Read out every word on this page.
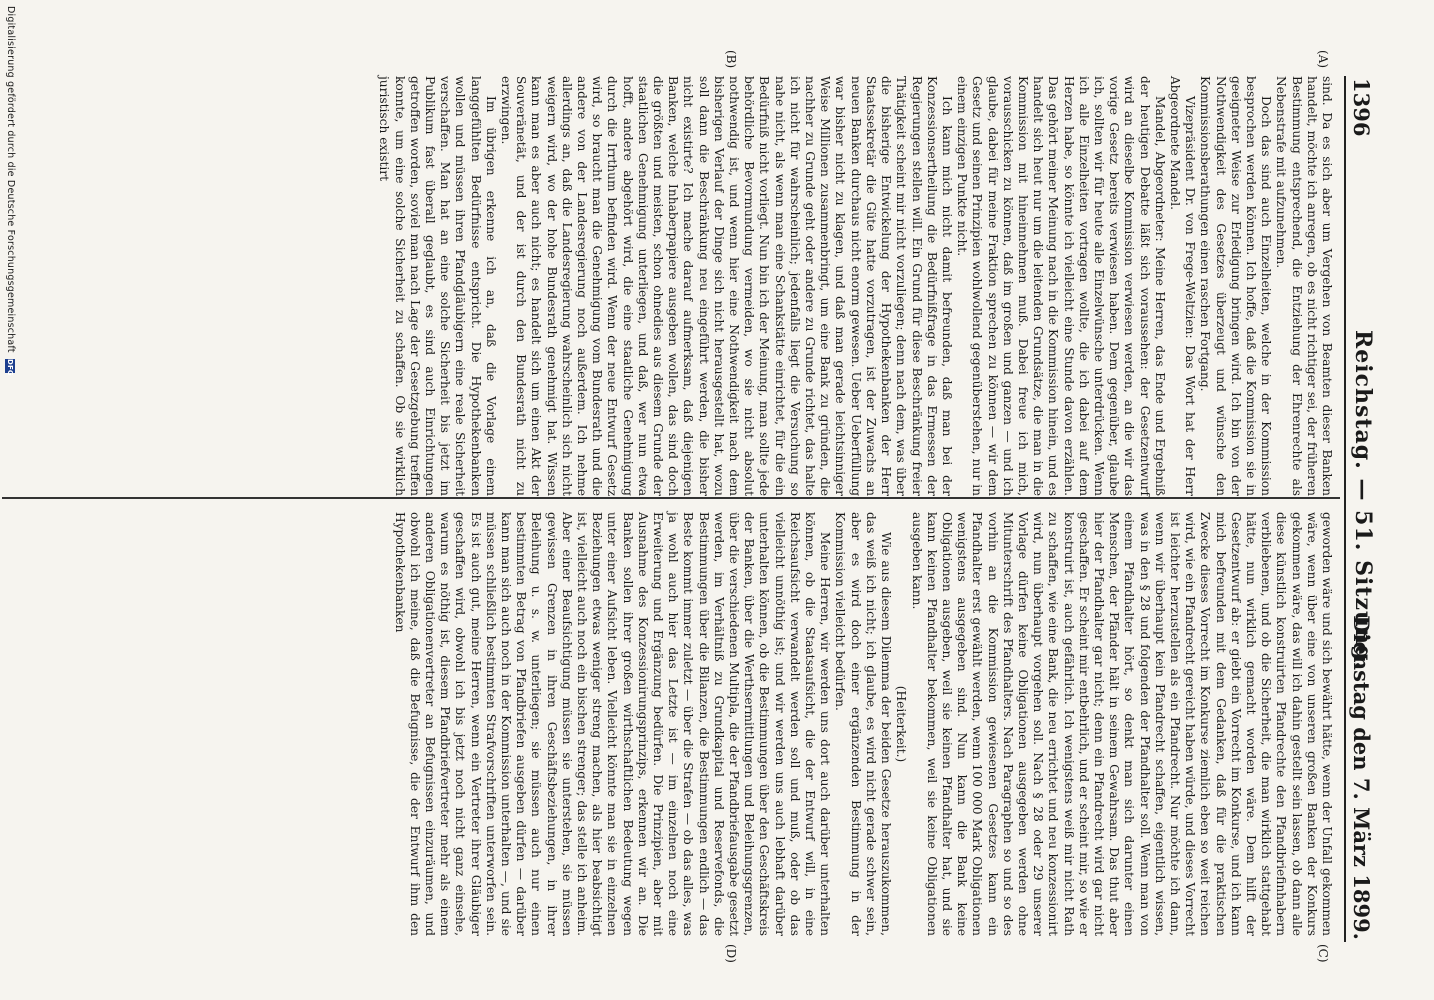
1396
Reichstag. — 51. Sitzung.
Dienstag den 7. März 1899.
(A)
(B)
(C)
(D)

sind. Da es sich aber um Vergehen von Beamten dieser Banken handelt, möchte ich anregen, ob es nicht richtiger sei, der früheren Bestimmung entsprechend, die Entziehung der Ehrenrechte als Nebenstrafe mit aufzunehmen.

Doch das sind auch Einzelheiten, welche in der Kommission besprochen werden können. Ich hoffe, daß die Kommission sie in geeigneter Weise zur Erledigung bringen wird. Ich bin von der Nothwendigkeit des Gesetzes überzeugt und wünsche den Kommissionsberathungen einen raschen Fortgang.

Vizepräsident Dr. von Frege-Weltzien: Das Wort hat der Herr Abgeordnete Mandel.

Mandel, Abgeordneter: Meine Herren, das Ende und Ergebniß der heutigen Debatte läßt sich voraussehen: der Gesetzentwurf wird an dieselbe Kommission verwiesen werden, an die wir das vorige Gesetz bereits verwiesen haben. Dem gegenüber, glaube ich, sollten wir für heute alle Einzelwünsche unterdrücken. Wenn ich alle Einzelheiten vortragen wollte, die ich dabei auf dem Herzen habe, so könnte ich vielleicht eine Stunde davon erzählen. Das gehört meiner Meinung nach in die Kommission hinein, und es handelt sich heut nur um die leitenden Grundsätze, die man in die Kommission mit hineinnehmen muß. Dabei freue ich mich, vorausschicken zu können, daß im großen und ganzen — und ich glaube, dabei für meine Fraktion sprechen zu können — wir dem Gesetz und seinen Prinzipien wohlwollend gegenüberstehen, nur in einem einzigen Punkte nicht.

Ich kann mich nicht damit befreunden, daß man bei der Konzessionsertheilung die Bedürfnißfrage in das Ermessen der Regierungen stellen will. Ein Grund für diese Beschränkung freier Thätigkeit scheint mir nicht vorzuliegen; denn nach dem, was über die bisherige Entwickelung der Hypothekenbanken der Herr Staatssekretär die Güte hatte vorzutragen, ist der Zuwachs an neuen Banken durchaus nicht enorm gewesen. Ueber Ueberfüllung war bisher nicht zu klagen, und daß man gerade leichtsinniger Weise Millionen zusammenbringt, um eine Bank zu gründen, die nachher zu Grunde geht oder andere zu Grunde richtet, das halte ich nicht für wahrscheinlich; jedenfalls liegt die Versuchung so nahe nicht, als wenn man eine Schankstätte einrichtet, für die ein Bedürfniß nicht vorliegt. Nun bin ich der Meinung, man sollte jede behördliche Bevormundung vermeiden, wo sie nicht absolut nothwendig ist, und wenn hier eine Nothwendigkeit nach dem bisherigen Verlauf der Dinge sich nicht herausgestellt hat, wozu soll dann die Beschränkung neu eingeführt werden, die bisher nicht existirte? Ich mache darauf aufmerksam, daß diejenigen Banken, welche Inhaberpapiere ausgeben wollen, das sind doch die größten und meisten, schon ohnedies aus diesem Grunde der staatlichen Genehmigung unterliegen, und daß, wer nun etwa hofft, andere abgehört wird, die eine staatliche Genehmigung durch die Irrthum befinden wird. Wenn der neue Entwurf Gesetz wird, so braucht man die Genehmigung vom Bundesrath und die andere von der Landesregierung noch außerdem. Ich nehme allerdings an, daß die Landesregierung wahrscheinlich sich nicht weigern wird, wo der hohe Bundesrath genehmigt hat. Wissen kann man es aber auch nicht; es handelt sich um einen Akt der Souveränetät, und der ist durch den Bundesrath nicht zu erzwingen.

Im übrigen erkenne ich an, daß die Vorlage einem langgefühlten Bedürfnisse entspricht. Die Hypothekenbanken wollen und müssen ihren Pfandgläubigern eine reale Sicherheit verschaffen. Man hat an eine solche Sicherheit bis jetzt im Publikum fast überall geglaubt, es sind auch Einrichtungen getroffen worden, soviel man nach Lage der Gesetzgebung treffen konnte, um eine solche Sicherheit zu schaffen. Ob sie wirklich juristisch existirt

geworden wäre und sich bewährt hätte, wenn der Unfall gekommen wäre, wenn über eine von unseren großen Banken der Konkurs gekommen wäre, das will ich dahin gestellt sein lassen, ob dann alle diese künstlich konstruirten Pfandrechte den Pfandbriefinhabern verbliebenen, und ob die Sicherheit, die man wirklich stattgehabt hätte, nun wirklich gemacht worden wäre. Dem hilft der Gesetzentwurf ab: er giebt ein Vorrecht im Konkurse, und ich kann mich befreunden mit dem Gedanken, daß für die praktischen Zwecke dieses Vorrecht im Konkurse ziemlich eben so weit reichen wird, wie ein Pfandrecht gereicht haben würde, und dieses Vorrecht ist leichter herzustellen als ein Pfandrecht. Nur möchte ich dann, wenn wir überhaupt kein Pfandrecht schaffen, eigentlich wissen, was in den § 28 und folgenden der Pfandhalter soll. Wenn man von einem Pfandhalter hört, so denkt man sich darunter einen Menschen, der Pfänder hält in seinem Gewahrsam. Das thut aber hier der Pfandhalter gar nicht; denn ein Pfandrecht wird gar nicht geschaffen. Er scheint mir entbehrlich, und er scheint mir, so wie er konstruirt ist, auch gefährlich. Ich wenigstens weiß mir nicht Rath zu schaffen, wie eine Bank, die neu errichtet und neu konzessionirt wird, nun überhaupt vorgehen soll. Nach § 28 oder 29 unserer Vorlage dürfen keine Obligationen ausgegeben werden ohne Mitunterschrift des Pfandhalters. Nach Paragraphen so und so des vorhin an die Kommission gewiesenen Gesetzes kann ein Pfandhalter erst gewählt werden, wenn 100 000 Mark Obligationen wenigstens ausgegeben sind. Nun kann die Bank keine Obligationen ausgeben, weil sie keinen Pfandhalter hat, und sie kann keinen Pfandhalter bekommen, weil sie keine Obligationen ausgeben kann.

(Heiterkeit.)

Wie aus diesem Dilemma der beiden Gesetze herauszukommen, das weiß ich nicht; ich glaube, es wird nicht gerade schwer sein, aber es wird doch einer ergänzenden Bestimmung in der Kommission vielleicht bedürfen.

Meine Herren, wir werden uns dort auch darüber unterhalten können, ob die Staatsaufsicht, die der Entwurf will, in eine Reichsaufsicht verwandelt werden soll und muß, oder ob das vielleicht unnöthig ist; und wir werden uns auch lebhaft darüber unterhalten können, ob die Bestimmungen über den Geschäftskreis der Banken, über die Werthsermittlungen und Beleihungsgrenzen, über die verschiedenen Multipla, die der Pfandbriefausgabe gesetzt werden, im Verhältniß zu Grundkapital und Reservefonds, die Bestimmungen über die Bilanzen, die Bestimmungen endlich — das Beste kommt immer zuletzt — über die Strafen — ob das alles, was ja wohl auch hier das Letzte ist — im einzelnen noch eine Erweiterung und Ergänzung bedürfen. Die Prinzipien, aber mit Ausnahme des Konzessionirungsprinzips, erkennen wir an. Die Banken sollen ihrer großen wirthschaftlichen Bedeutung wegen unter einer Aufsicht leben. Vielleicht könnte man sie in einzelnen Beziehungen etwas weniger streng machen, als hier beabsichtigt ist, vielleicht auch noch ein bischen strenger; das stelle ich anheim. Aber einer Beaufsichtigung müssen sie unterstehen, sie müssen gewissen Grenzen in ihren Geschäftsbeziehungen, in ihrer Beleihung u. s. w. unterliegen; sie müssen auch nur einen bestimmten Betrag von Pfandbriefen ausgeben dürfen — darüber kann man sich auch noch in der Kommission unterhalten —, und sie müssen schließlich bestimmten Strafvorschriften unterworfen sein. Es ist auch gut, meine Herren, wenn ein Vertreter ihrer Gläubiger geschaffen wird, obwohl ich bis jetzt noch nicht ganz einsehe, warum es nöthig ist, diesem Pfandbriefvertreter mehr als einem anderen Obligationenvertreter an Befugnissen einzuräumen, und obwohl ich meine, daß die Befugnisse, die der Entwurf ihm den Hypothekenbanken

Digitalisierung gefördert durch die Deutsche Forschungsgemeinschaft DFG
